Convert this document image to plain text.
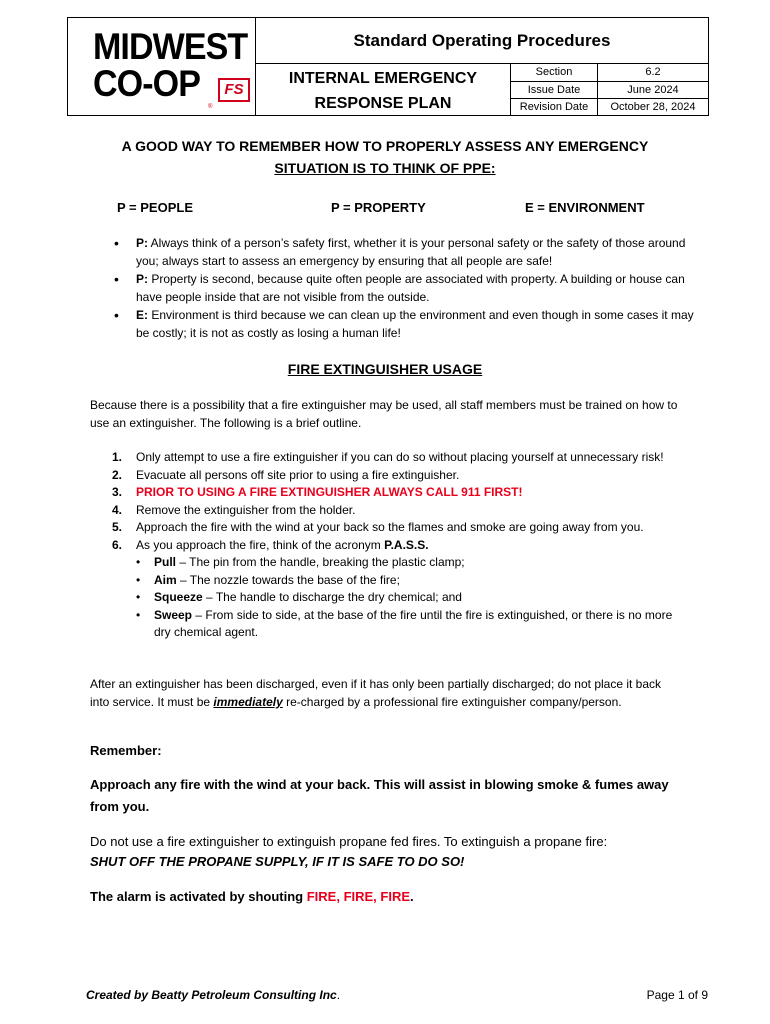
MIDWEST
CO-OP	FS
®
Standard Operating Procedures
INTERNAL EMERGENCY
RESPONSE PLAN
Section	6.2
Issue Date	June 2024
Revision Date	October 28, 2024
A GOOD WAY TO REMEMBER HOW TO PROPERLY ASSESS ANY EMERGENCY
SITUATION IS TO THINK OF PPE:
P = PEOPLE	P = PROPERTY	E = ENVIRONMENT
• P: Always think of a person’s safety first, whether it is your personal safety or the safety of those around you; always start to assess an emergency by ensuring that all people are safe!
• P: Property is second, because quite often people are associated with property. A building or house can have people inside that are not visible from the outside.
• E: Environment is third because we can clean up the environment and even though in some cases it may be costly; it is not as costly as losing a human life!
FIRE EXTINGUISHER USAGE
Because there is a possibility that a fire extinguisher may be used, all staff members must be trained on how to use an extinguisher. The following is a brief outline.
1. Only attempt to use a fire extinguisher if you can do so without placing yourself at unnecessary risk!
2. Evacuate all persons off site prior to using a fire extinguisher.
3. PRIOR TO USING A FIRE EXTINGUISHER ALWAYS CALL 911 FIRST!
4. Remove the extinguisher from the holder.
5. Approach the fire with the wind at your back so the flames and smoke are going away from you.
6. As you approach the fire, think of the acronym P.A.S.S.
• Pull – The pin from the handle, breaking the plastic clamp;
• Aim – The nozzle towards the base of the fire;
• Squeeze – The handle to discharge the dry chemical; and
• Sweep – From side to side, at the base of the fire until the fire is extinguished, or there is no more dry chemical agent.
After an extinguisher has been discharged, even if it has only been partially discharged; do not place it back into service. It must be immediately re-charged by a professional fire extinguisher company/person.
Remember:
Approach any fire with the wind at your back. This will assist in blowing smoke & fumes away from you.
Do not use a fire extinguisher to extinguish propane fed fires. To extinguish a propane fire:
SHUT OFF THE PROPANE SUPPLY, IF IT IS SAFE TO DO SO!
The alarm is activated by shouting FIRE, FIRE, FIRE.
Created by Beatty Petroleum Consulting Inc.	Page 1 of 9
